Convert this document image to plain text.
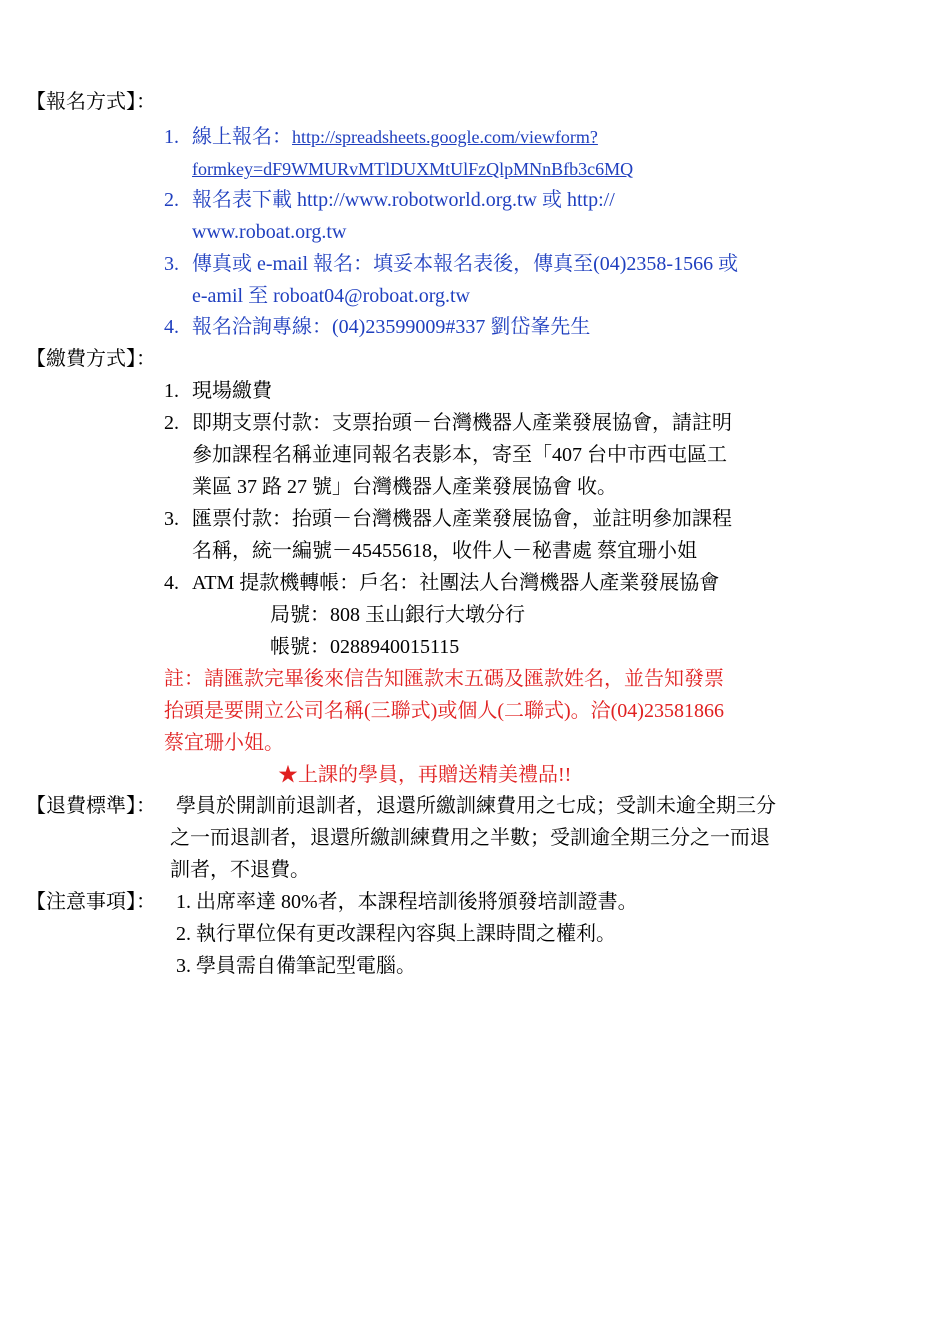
【報名方式】：
1. 線上報名：http://spreadsheets.google.com/viewform?
formkey=dF9WMURvMTlDUXMtUlFzQlpMNnBfb3c6MQ
2. 報名表下載 http://www.robotworld.org.tw 或 http://
www.roboat.org.tw
3. 傳真或 e-mail 報名：填妥本報名表後，傳真至(04)2358-1566 或
e-amil 至 roboat04@roboat.org.tw
4. 報名洽詢專線：(04)23599009#337 劉岱峯先生
【繳費方式】：
1. 現場繳費
2. 即期支票付款：支票抬頭－台灣機器人產業發展協會，請註明
參加課程名稱並連同報名表影本，寄至「407 台中市西屯區工
業區 37 路 27 號」台灣機器人產業發展協會 收。
3. 匯票付款：抬頭－台灣機器人產業發展協會，並註明參加課程
名稱，統一編號－45455618，收件人－秘書處 蔡宜珊小姐
4. ATM 提款機轉帳：戶名：社團法人台灣機器人產業發展協會
局號：808 玉山銀行大墩分行
帳號：0288940015115
註：請匯款完畢後來信告知匯款末五碼及匯款姓名，並告知發票
抬頭是要開立公司名稱(三聯式)或個人(二聯式)。洽(04)23581866
蔡宜珊小姐。
★上課的學員，再贈送精美禮品!!
【退費標準】： 學員於開訓前退訓者，退還所繳訓練費用之七成；受訓未逾全期三分
之一而退訓者，退還所繳訓練費用之半數；受訓逾全期三分之一而退
訓者，不退費。
【注意事項】： 1. 出席率達 80%者，本課程培訓後將頒發培訓證書。
2. 執行單位保有更改課程內容與上課時間之權利。
3. 學員需自備筆記型電腦。
